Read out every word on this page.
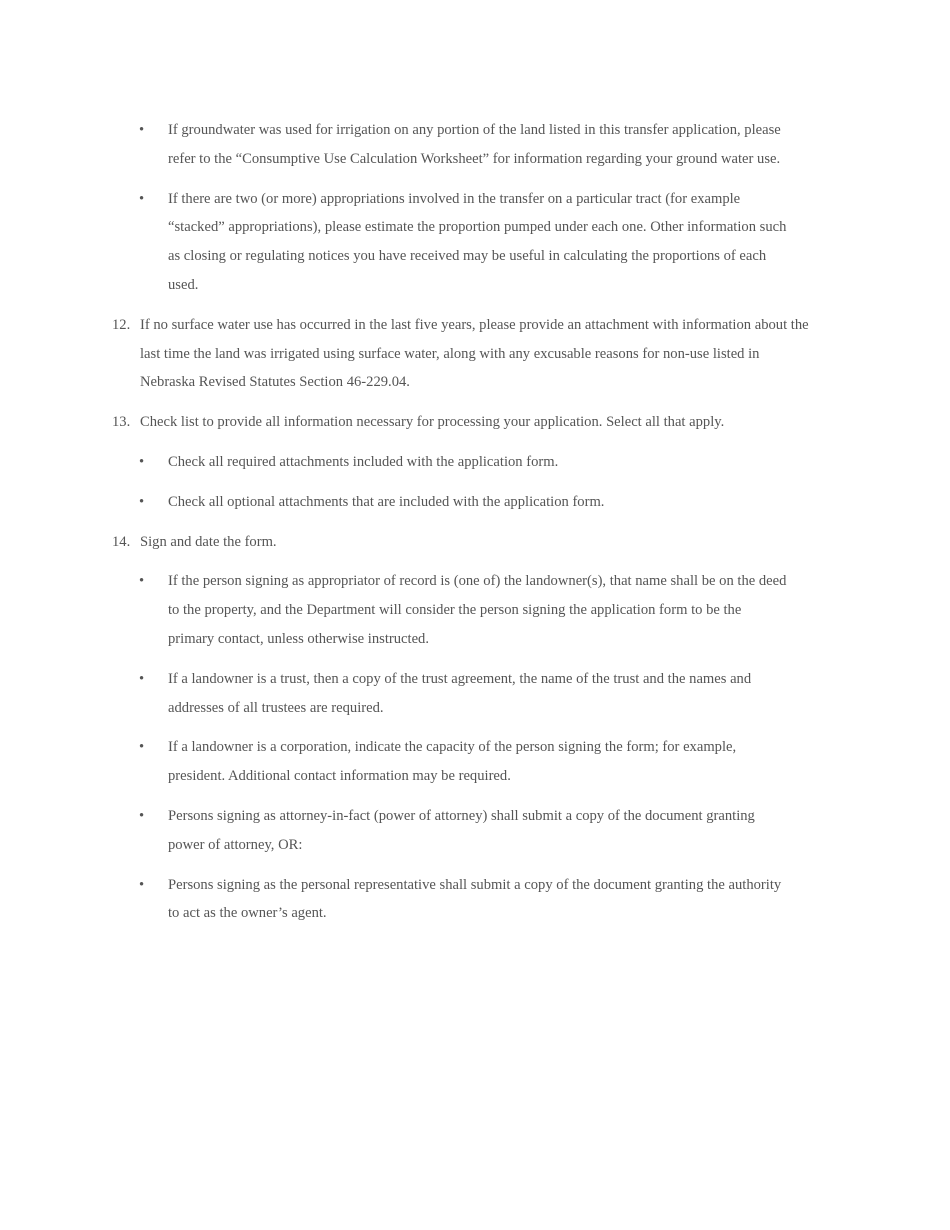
•	If groundwater was used for irrigation on any portion of the land listed in this transfer application, please refer to the “Consumptive Use Calculation Worksheet” for information regarding your ground water use.
•	If there are two (or more) appropriations involved in the transfer on a particular tract (for example “stacked” appropriations), please estimate the proportion pumped under each one. Other information such as closing or regulating notices you have received may be useful in calculating the proportions of each used.
12. If no surface water use has occurred in the last five years, please provide an attachment with information about the last time the land was irrigated using surface water, along with any excusable reasons for non-use listed in Nebraska Revised Statutes Section 46-229.04.
13. Check list to provide all information necessary for processing your application. Select all that apply.
•	Check all required attachments included with the application form.
•	Check all optional attachments that are included with the application form.
14. Sign and date the form.
•	If the person signing as appropriator of record is (one of) the landowner(s), that name shall be on the deed to the property, and the Department will consider the person signing the application form to be the primary contact, unless otherwise instructed.
•	If a landowner is a trust, then a copy of the trust agreement, the name of the trust and the names and addresses of all trustees are required.
•	If a landowner is a corporation, indicate the capacity of the person signing the form; for example, president. Additional contact information may be required.
•	Persons signing as attorney-in-fact (power of attorney) shall submit a copy of the document granting power of attorney, OR:
•	Persons signing as the personal representative shall submit a copy of the document granting the authority to act as the owner’s agent.
